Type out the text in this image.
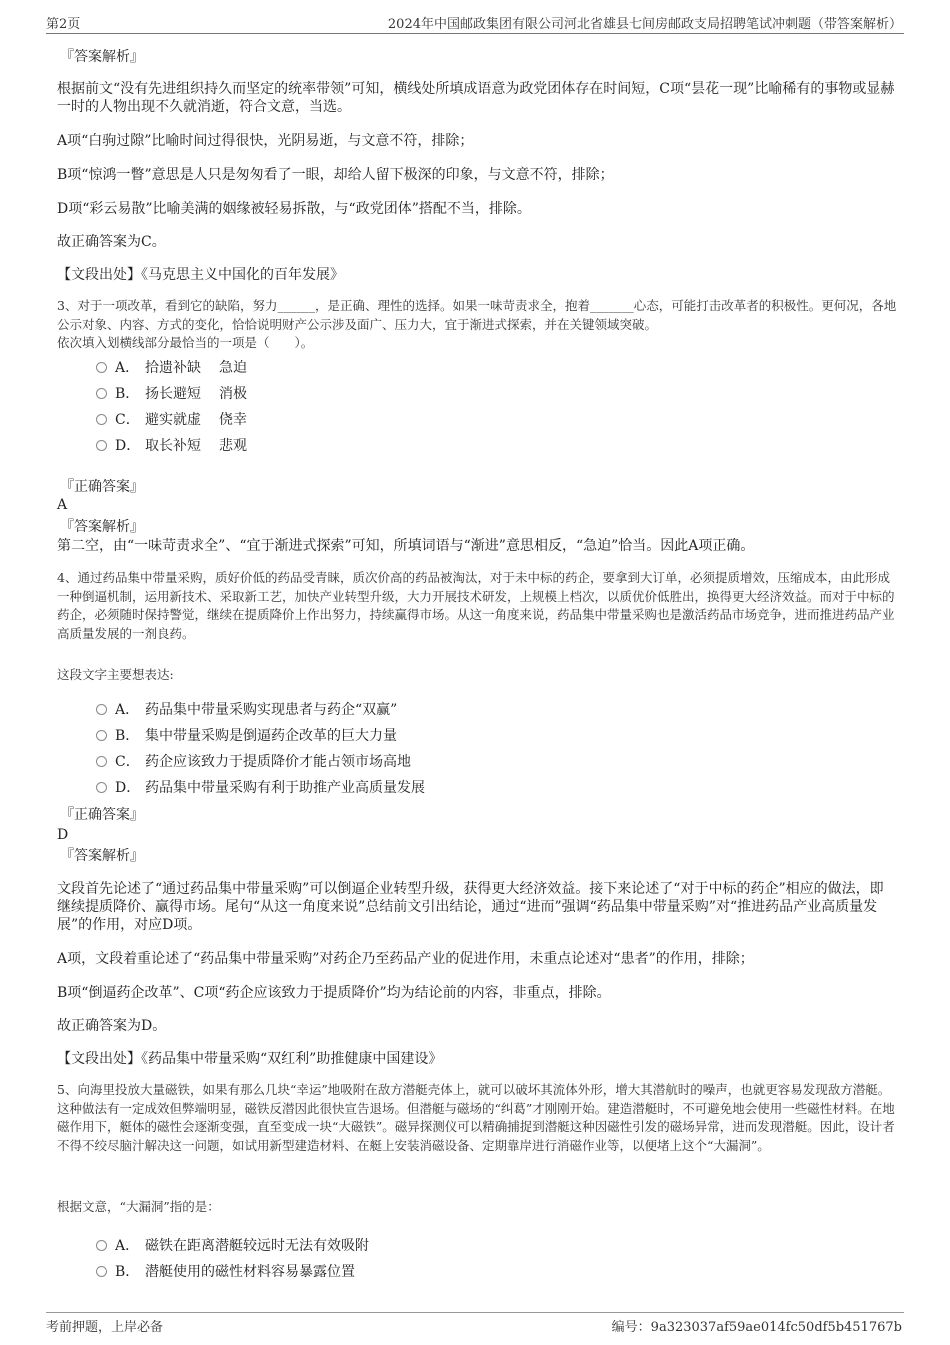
第2页	2024年中国邮政集团有限公司河北省雄县七间房邮政支局招聘笔试冲刺题（带答案解析）

『答案解析』

根据前文“没有先进组织持久而坚定的统率带领”可知，横线处所填成语意为政党团体存在时间短，C项“昙花一现”比喻稀有的事物或显赫一时的人物出现不久就消逝，符合文意，当选。

A项“白驹过隙”比喻时间过得很快，光阴易逝，与文意不符，排除；

B项“惊鸿一瞥”意思是人只是匆匆看了一眼，却给人留下极深的印象，与文意不符，排除；

D项“彩云易散”比喻美满的姻缘被轻易拆散，与“政党团体”搭配不当，排除。

故正确答案为C。

【文段出处】《马克思主义中国化的百年发展》

3、对于一项改革，看到它的缺陷，努力______，是正确、理性的选择。如果一味苛责求全，抱着_______心态，可能打击改革者的积极性。更何况，各地公示对象、内容、方式的变化，恰恰说明财产公示涉及面广、压力大，宜于渐进式探索，并在关键领域突破。

依次填入划横线部分最恰当的一项是（　　）。

A． 拾遗补缺 急迫
B． 扬长避短 消极
C． 避实就虚 侥幸
D． 取长补短 悲观

『正确答案』

A

『答案解析』

第二空，由“一味苛责求全”、“宜于渐进式探索”可知，所填词语与“渐进”意思相反，“急迫”恰当。因此A项正确。

4、通过药品集中带量采购，质好价低的药品受青睐，质次价高的药品被淘汰，对于未中标的药企，要拿到大订单，必须提质增效，压缩成本，由此形成一种倒逼机制，运用新技术、采取新工艺，加快产业转型升级，大力开展技术研发，上规模上档次，以质优价低胜出，换得更大经济效益。而对于中标的药企，必须随时保持警觉，继续在提质降价上作出努力，持续赢得市场。从这一角度来说，药品集中带量采购也是激活药品市场竞争，进而推进药品产业高质量发展的一剂良药。

这段文字主要想表达:

A． 药品集中带量采购实现患者与药企“双赢”
B． 集中带量采购是倒逼药企改革的巨大力量
C． 药企应该致力于提质降价才能占领市场高地
D． 药品集中带量采购有利于助推产业高质量发展

『正确答案』

D

『答案解析』

文段首先论述了“通过药品集中带量采购”可以倒逼企业转型升级，获得更大经济效益。接下来论述了“对于中标的药企”相应的做法，即继续提质降价、赢得市场。尾句“从这一角度来说”总结前文引出结论，通过“进而”强调“药品集中带量采购”对“推进药品产业高质量发展”的作用，对应D项。

A项，文段着重论述了“药品集中带量采购”对药企乃至药品产业的促进作用，未重点论述对“患者”的作用，排除；

B项“倒逼药企改革”、C项“药企应该致力于提质降价”均为结论前的内容，非重点，排除。

故正确答案为D。

【文段出处】《药品集中带量采购“双红利”助推健康中国建设》

5、向海里投放大量磁铁，如果有那么几块“幸运”地吸附在敌方潜艇壳体上，就可以破坏其流体外形，增大其潜航时的噪声，也就更容易发现敌方潜艇。这种做法有一定成效但弊端明显，磁铁反潜因此很快宣告退场。但潜艇与磁场的“纠葛”才刚刚开始。建造潜艇时，不可避免地会使用一些磁性材料。在地磁作用下，艇体的磁性会逐渐变强，直至变成一块“大磁铁”。磁异探测仪可以精确捕捉到潜艇这种因磁性引发的磁场异常，进而发现潜艇。因此，设计者不得不绞尽脑汁解决这一问题，如试用新型建造材料、在艇上安装消磁设备、定期靠岸进行消磁作业等，以便堵上这个“大漏洞”。

根据文意，“大漏洞”指的是：

A． 磁铁在距离潜艇较远时无法有效吸附
B． 潜艇使用的磁性材料容易暴露位置
考前押题，上岸必备	编号：9a323037af59ae014fc50df5b451767b
